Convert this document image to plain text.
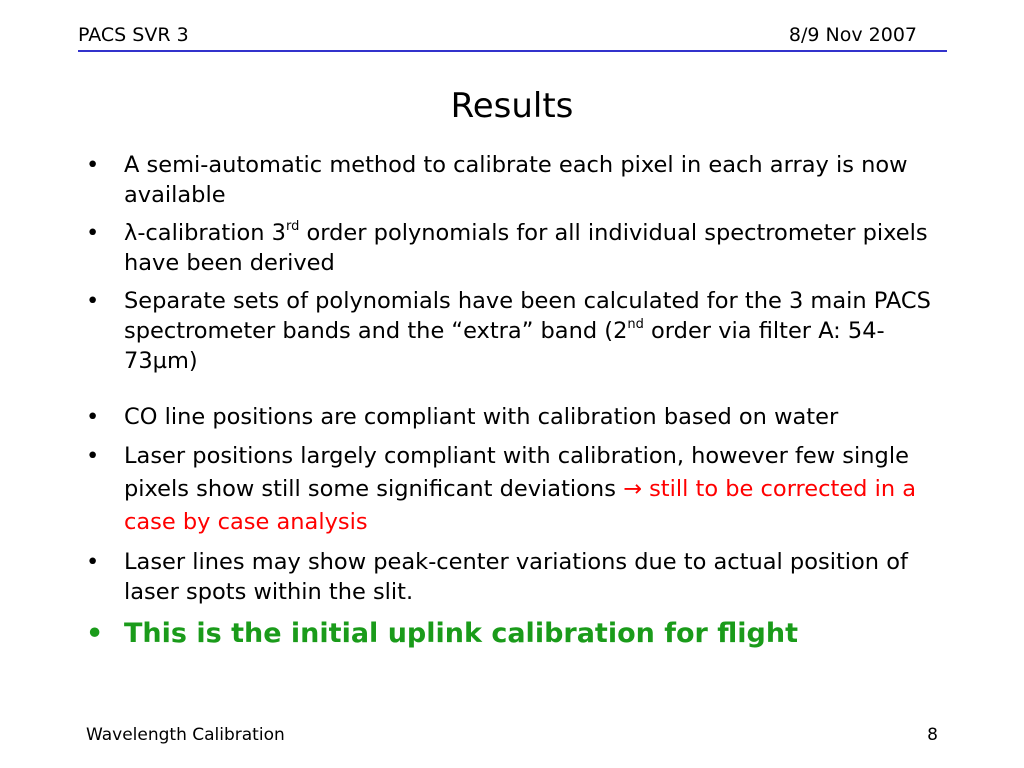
PACS SVR 3	8/9 Nov 2007
Results
• A semi-automatic method to calibrate each pixel in each array is now available
• λ-calibration 3rd order polynomials for all individual spectrometer pixels have been derived
• Separate sets of polynomials have been calculated for the 3 main PACS spectrometer bands and the “extra” band (2nd order via filter A: 54-73µm)
• CO line positions are compliant with calibration based on water
• Laser positions largely compliant with calibration, however few single pixels show still some significant deviations → still to be corrected in a case by case analysis
• Laser lines may show peak-center variations due to actual position of laser spots within the slit.
• This is the initial uplink calibration for flight
Wavelength Calibration	8
